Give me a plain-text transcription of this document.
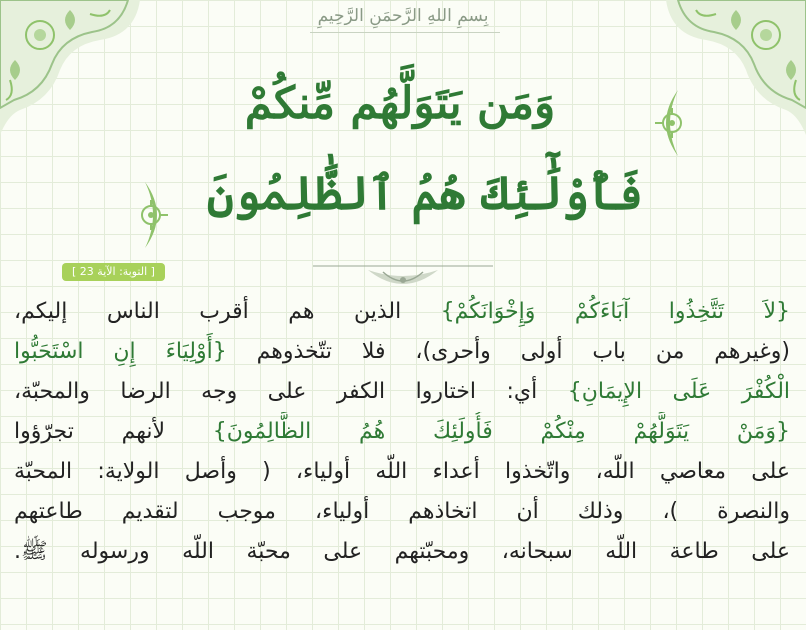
بِسمِ اللهِ الرَّحمَنِ الرَّحِيمِ
وَمَن يَتَوَلَّهُم مِّنكُمْ
فَأُوْلَٰٓئِكَ هُمُ ٱلظَّٰلِمُونَ
[ التوبة: الآية 23 ]
{لاَ تَتَّخِذُوا آبَاءَكُمْ وَإِخْوَانَكُمْ} الذين هم أقرب الناس إليكم،
(وغيرهم من باب أولى وأحرى)، فلا تتّخذوهم {أَوْلِيَاءَ إِنِ اسْتَحَبُّوا
الْكُفْرَ عَلَى الإِيمَانِ} أي: اختاروا الكفر على وجه الرضا والمحبّة،
{وَمَنْ يَتَوَلَّهُمْ مِنْكُمْ فَأُولَئِكَ هُمُ الظَّالِمُونَ} لأنهم تجرّؤوا
على معاصي اللّه، واتّخذوا أعداء اللّه أولياء، ( وأصل الولاية: المحبّة
والنصرة )، وذلك أن اتخاذهم أولياء، موجب لتقديم طاعتهم
على طاعة اللّه سبحانه، ومحبّتهم على محبّة اللّه ورسوله ﷺ.
